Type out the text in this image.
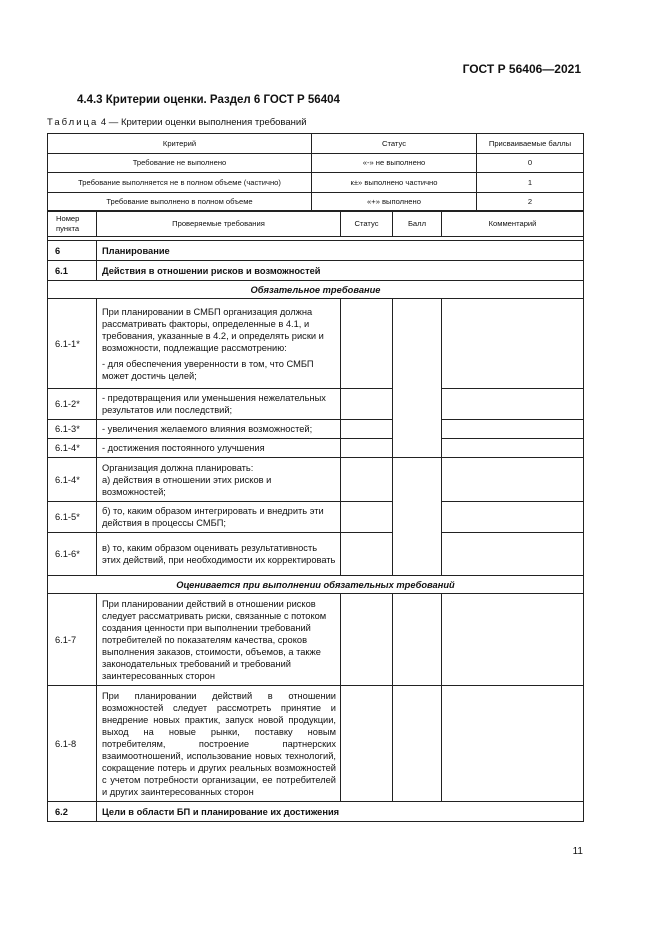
ГОСТ Р 56406—2021
4.4.3 Критерии оценки. Раздел 6 ГОСТ Р 56404
Таблица 4 — Критерии оценки выполнения требований
Критерий	Статус	Присваиваемые баллы
Требование не выполнено	«-» не выполнено	0
Требование выполняется не в полном объеме (частично)	к±» выполнено частично	1
Требование выполнено в полном объеме	«+» выполнено	2
Номер
пункта	Проверяемые требования	Статус	Балл	Комментарий

6	Планирование			
6.1	Действия в отношении рисков и возможностей			
Обязательное требование				
6.1-1*	При планировании в СМБП организация должна рассматривать факторы, определенные в 4.1, и требования, указанные в 4.2, и определять риски и возможности, подлежащие рассмотрению:

- для обеспечения уверенности в том, что СМБП может достичь целей;			

6.1-2*	- предотвращения или уменьшения нежелательных результатов или последствий;			
6.1-3*	- увеличения желаемого влияния возможностей;			
6.1-4*	- достижения постоянного улучшения			
6.1-4*	Организация должна планировать:

а) действия в отношении этих рисков и возможностей;			

6.1-5*	б) то, каким образом интегрировать и внедрить эти действия в процессы СМБП;			
6.1-6*	в) то, каким образом оценивать результативность этих действий, при необходимости их корректировать			
Оценивается при выполнении обязательных требований				
6.1-7	При планировании действий в отношении рисков следует рассматривать риски, связанные с потоком создания ценности при выполнении требований потребителей по показателям качества, сроков выполнения заказов, стоимости, объемов, а также законодательных требований и требований заинтересованных сторон			
6.1-8	При планировании действий в отношении возможностей следует рассмотреть принятие и внедрение новых практик, запуск новой продукции, выход на новые рынки, поставку новым потребителям, построение партнерских взаимоотношений, использование новых технологий, сокращение потерь и других реальных возможностей с учетом потребности организации, ее потребителей и других заинтересованных сторон			
6.2	Цели в области БП и планирование их достижения			
11
